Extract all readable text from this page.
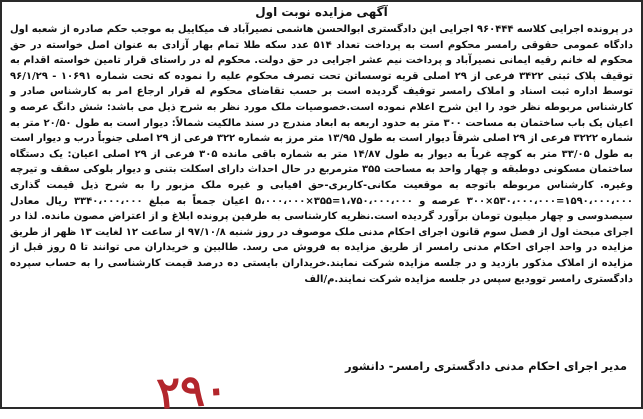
آگهی مزایده نوبت اول

در پرونده اجرایی کلاسه ۹۶۰۴۴۴ اجرایی این دادگستری ابوالحسن هاشمی نصیرآباد ف میکاییل به موجب حکم صادره از شعبه اول دادگاه عمومی حقوقی رامسر محکوم است به پرداخت تعداد ۵۱۴ عدد سکه طلا تمام بهار آزادی به عنوان اصل خواسته در حق محکوم له خانم رقیه ایمانی نصیرآباد و پرداخت نیم عشر اجرایی در حق دولت. محکوم له در راستای قرار تامین خواسته اقدام به توقیف پلاک ثبتی ۳۴۲۲ فرعی از ۲۹ اصلی قریه توسساتن تحت تصرف محکوم علیه را نموده که تحت شماره ۱۰۶۹۱ - ۹۶/۱/۲۹ توسط اداره ثبت اسناد و املاک رامسر توقیف گردیده است بر حسب تقاضای محکوم له قرار ارجاع امر به کارشناس صادر و کارشناس مربوطه نظر خود را این شرح اعلام نموده است.خصوصیات ملک مورد نظر به شرح ذیل می باشد: شش دانگ عرصه و اعیان یک باب ساختمان به مساحت ۳۰۰ متر به حدود اربعه به ابعاد مندرج در سند مالکیت شمالاً: دیوار است به طول ۲۰/۵۰ متر به شماره ۳۲۲۲ فرعی از ۲۹ اصلی شرقاً دیوار است به طول ۱۳/۹۵ متر مرز به شماره ۳۲۲ فرعی از ۲۹ اصلی جنوباً درب و دیوار است به طول ۳۳/۰۵ متر به کوچه غرباً به دیوار به طول ۱۴/۸۷ متر به شماره باقی مانده ۳۰۵ فرعی از ۲۹ اصلی اعیان: یک دستگاه ساختمان مسکونی دوطبقه و چهار واحد به مساحت ۳۵۵ مترمربع در حال احداث دارای اسکلت بتنی و دیوار بلوکی سقف و تیرچه وغیره. کارشناس مربوطه باتوجه به موقعیت مکانی-کاربری-حق افیابی و غیره ملک مزبور را به شرح ذیل قیمت گذاری ۱۵۹۰،۰۰۰،۰۰۰=۵۳۰،۰۰۰،۰۰۰×۳۰۰ عرصه و ۱،۷۵۰،۰۰۰،۰۰۰=۳۵۵×۵،۰۰۰،۰۰۰ اعیان جمعاً به مبلغ ۳۳۴۰،۰۰۰،۰۰۰ ریال معادل سیصدوسی و چهار میلیون تومان برآورد گردیده است.نظریه کارشناسی به طرفین پرونده ابلاغ و از اعتراض مصون مانده. لذا در اجرای مبحث اول از فصل سوم قانون اجرای احکام مدنی ملک موصوف در روز شنبه ۹۷/۱۰/۸ از ساعت ۱۲ لغایت ۱۳ ظهر از طریق مزایده در واحد اجرای احکام مدنی رامسر از طریق مزایده به فروش می رسد. طالبین و خریداران می توانند تا ۵ روز قبل از مزایده از املاک مذکور بازدید و در جلسه مزایده شرکت نمایند.خریداران بایستی ده درصد قیمت کارشناسی را به حساب سپرده دادگستری رامسر توودیع سپس در جلسه مزایده شرکت نمایند.م/الف

مدیر اجرای احکام مدنی دادگستری رامسر- دانشور
۲۹۰
